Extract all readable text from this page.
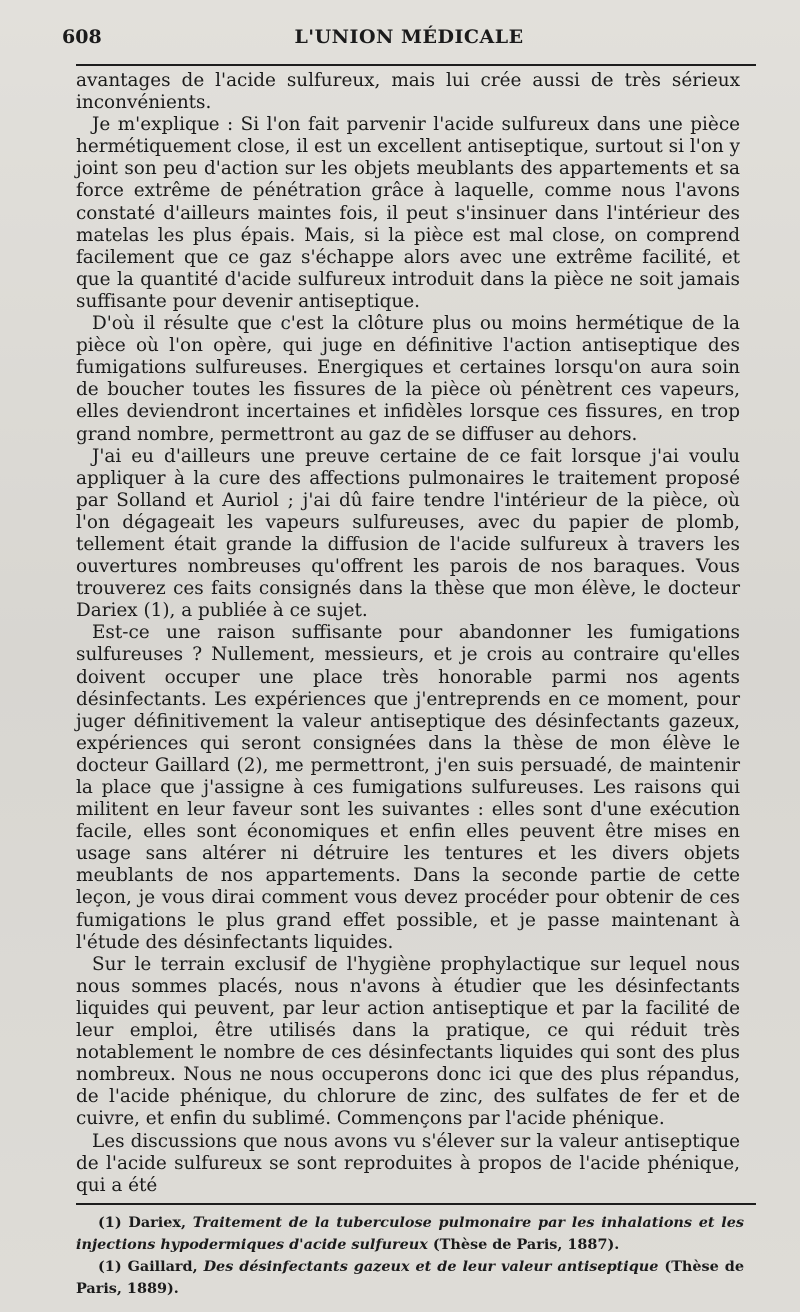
608	L'UNION MÉDICALE

avantages de l'acide sulfureux, mais lui crée aussi de très sérieux inconvénients.

Je m'explique : Si l'on fait parvenir l'acide sulfureux dans une pièce hermétiquement close, il est un excellent antiseptique, surtout si l'on y joint son peu d'action sur les objets meublants des appartements et sa force extrême de pénétration grâce à laquelle, comme nous l'avons constaté d'ailleurs maintes fois, il peut s'insinuer dans l'intérieur des matelas les plus épais. Mais, si la pièce est mal close, on comprend facilement que ce gaz s'échappe alors avec une extrême facilité, et que la quantité d'acide sulfureux introduit dans la pièce ne soit jamais suffisante pour devenir antiseptique.

D'où il résulte que c'est la clôture plus ou moins hermétique de la pièce où l'on opère, qui juge en définitive l'action antiseptique des fumigations sulfureuses. Energiques et certaines lorsqu'on aura soin de boucher toutes les fissures de la pièce où pénètrent ces vapeurs, elles deviendront incertaines et infidèles lorsque ces fissures, en trop grand nombre, permettront au gaz de se diffuser au dehors.

J'ai eu d'ailleurs une preuve certaine de ce fait lorsque j'ai voulu appliquer à la cure des affections pulmonaires le traitement proposé par Solland et Auriol ; j'ai dû faire tendre l'intérieur de la pièce, où l'on dégageait les vapeurs sulfureuses, avec du papier de plomb, tellement était grande la diffusion de l'acide sulfureux à travers les ouvertures nombreuses qu'offrent les parois de nos baraques. Vous trouverez ces faits consignés dans la thèse que mon élève, le docteur Dariex (1), a publiée à ce sujet.

Est-ce une raison suffisante pour abandonner les fumigations sulfureuses ? Nullement, messieurs, et je crois au contraire qu'elles doivent occuper une place très honorable parmi nos agents désinfectants. Les expériences que j'entreprends en ce moment, pour juger définitivement la valeur antiseptique des désinfectants gazeux, expériences qui seront consignées dans la thèse de mon élève le docteur Gaillard (2), me permettront, j'en suis persuadé, de maintenir la place que j'assigne à ces fumigations sulfureuses. Les raisons qui militent en leur faveur sont les suivantes : elles sont d'une exécution facile, elles sont économiques et enfin elles peuvent être mises en usage sans altérer ni détruire les tentures et les divers objets meublants de nos appartements. Dans la seconde partie de cette leçon, je vous dirai comment vous devez procéder pour obtenir de ces fumigations le plus grand effet possible, et je passe maintenant à l'étude des désinfectants liquides.

Sur le terrain exclusif de l'hygiène prophylactique sur lequel nous nous sommes placés, nous n'avons à étudier que les désinfectants liquides qui peuvent, par leur action antiseptique et par la facilité de leur emploi, être utilisés dans la pratique, ce qui réduit très notablement le nombre de ces désinfectants liquides qui sont des plus nombreux. Nous ne nous occuperons donc ici que des plus répandus, de l'acide phénique, du chlorure de zinc, des sulfates de fer et de cuivre, et enfin du sublimé. Commençons par l'acide phénique.

Les discussions que nous avons vu s'élever sur la valeur antiseptique de l'acide sulfureux se sont reproduites à propos de l'acide phénique, qui a été

(1) Dariex, Traitement de la tuberculose pulmonaire par les inhalations et les injections hypodermiques d'acide sulfureux (Thèse de Paris, 1887).

(1) Gaillard, Des désinfectants gazeux et de leur valeur antiseptique (Thèse de Paris, 1889).
